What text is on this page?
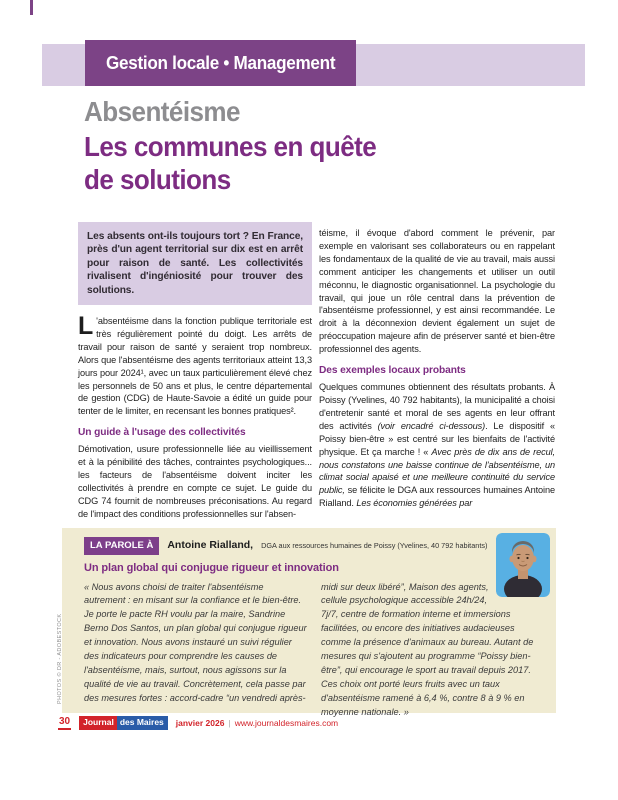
Gestion locale • Management
Absentéisme
Les communes en quête
de solutions
Les absents ont-ils toujours tort ? En France, près d'un agent territorial sur dix est en arrêt pour raison de santé. Les collectivités rivalisent d'ingéniosité pour trouver des solutions.

L 'absentéisme dans la fonction publique territoriale est très régulièrement pointé du doigt. Les arrêts de travail pour raison de santé y seraient trop nombreux. Alors que l'absentéisme des agents territoriaux atteint 13,3 jours pour 2024¹, avec un taux particulièrement élevé chez les personnels de 50 ans et plus, le centre départemental de gestion (CDG) de Haute-Savoie a édité un guide pour tenter de le limiter, en recensant les bonnes pratiques².

Un guide à l'usage des collectivités

Démotivation, usure professionnelle liée au vieillissement et à la pénibilité des tâches, contraintes psychologiques... les facteurs de l'absentéisme doivent inciter les collectivités à prendre en compte ce sujet. Le guide du CDG 74 fournit de nombreuses préconisations. Au regard de l'impact des conditions professionnelles sur l'absen-

téisme, il évoque d'abord comment le prévenir, par exemple en valorisant ses collaborateurs ou en rappelant les fondamentaux de la qualité de vie au travail, mais aussi comment anticiper les changements et utiliser un outil méconnu, le diagnostic organisationnel. La psychologie du travail, qui joue un rôle central dans la prévention de l'absentéisme professionnel, y est ainsi recommandée. Le droit à la déconnexion devient également un sujet de préoccupation majeure afin de préserver santé et bien-être professionnel des agents.

Des exemples locaux probants

Quelques communes obtiennent des résultats probants. À Poissy (Yvelines, 40 792 habitants), la municipalité a choisi d'entretenir santé et moral de ses agents en leur offrant des activités (voir encadré ci-dessous). Le dispositif « Poissy bien-être » est centré sur les bienfaits de l'activité physique. Et ça marche ! « Avec près de dix ans de recul, nous constatons une baisse continue de l'absentéisme, un climat social apaisé et une meilleure continuité du service public, se félicite le DGA aux ressources humaines Antoine Rialland. Les économies générées par

LA PAROLE À	Antoine Rialland, DGA aux ressources humaines de Poissy (Yvelines, 40 792 habitants)
Un plan global qui conjugue rigueur et innovation
« Nous avons choisi de traiter l'absentéisme autrement : en misant sur la confiance et le bien-être. Je porte le pacte RH voulu par la maire, Sandrine Berno Dos Santos, un plan global qui conjugue rigueur et innovation. Nous avons instauré un suivi régulier des indicateurs pour comprendre les causes de l'absentéisme, mais, surtout, nous agissons sur la qualité de vie au travail. Concrètement, cela passe par des mesures fortes : accord-cadre “un vendredi après-
midi sur deux libéré”, Maison des agents, cellule psychologique accessible 24h/24, 7j/7, centre de formation interne et immersions facilitées, ou encore des initiatives audacieuses comme la présence d'animaux au bureau. Autant de mesures qui s'ajoutent au programme “Poissy bien-être”, qui encourage le sport au travail depuis 2017. Ces choix ont porté leurs fruits avec un taux d'absentéisme ramené à 6,4 %, contre 8 à 9 % en moyenne nationale. »
PHOTOS © DR - ADOBESTOCK
30	Journal des Maires	janvier 2026 | www.journaldesmaires.com
